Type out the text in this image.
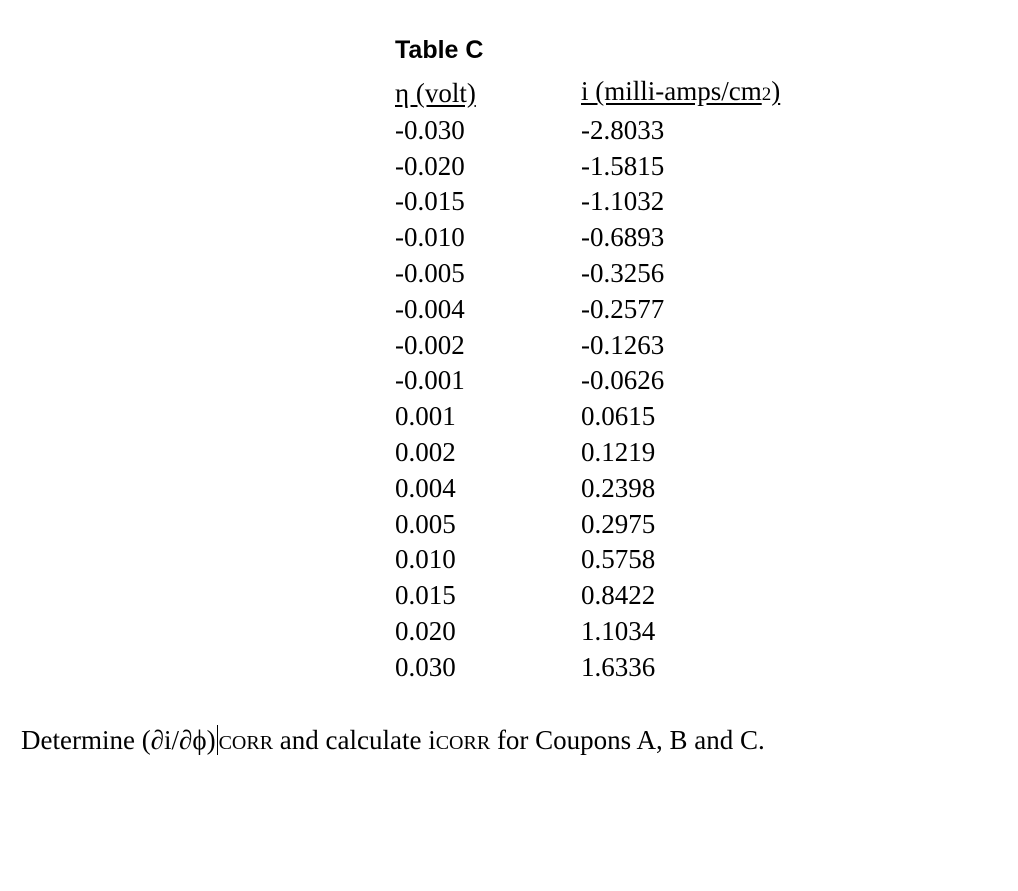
Table C
η (volt)	i (milli-amps/cm2)
-0.030	-2.8033
-0.020	-1.5815
-0.015	-1.1032
-0.010	-0.6893
-0.005	-0.3256
-0.004	-0.2577
-0.002	-0.1263
-0.001	-0.0626
0.001	0.0615
0.002	0.1219
0.004	0.2398
0.005	0.2975
0.010	0.5758
0.015	0.8422
0.020	1.1034
0.030	1.6336

Determine (∂i/∂ϕ) CORR and calculate iCORR for Coupons A, B and C.
